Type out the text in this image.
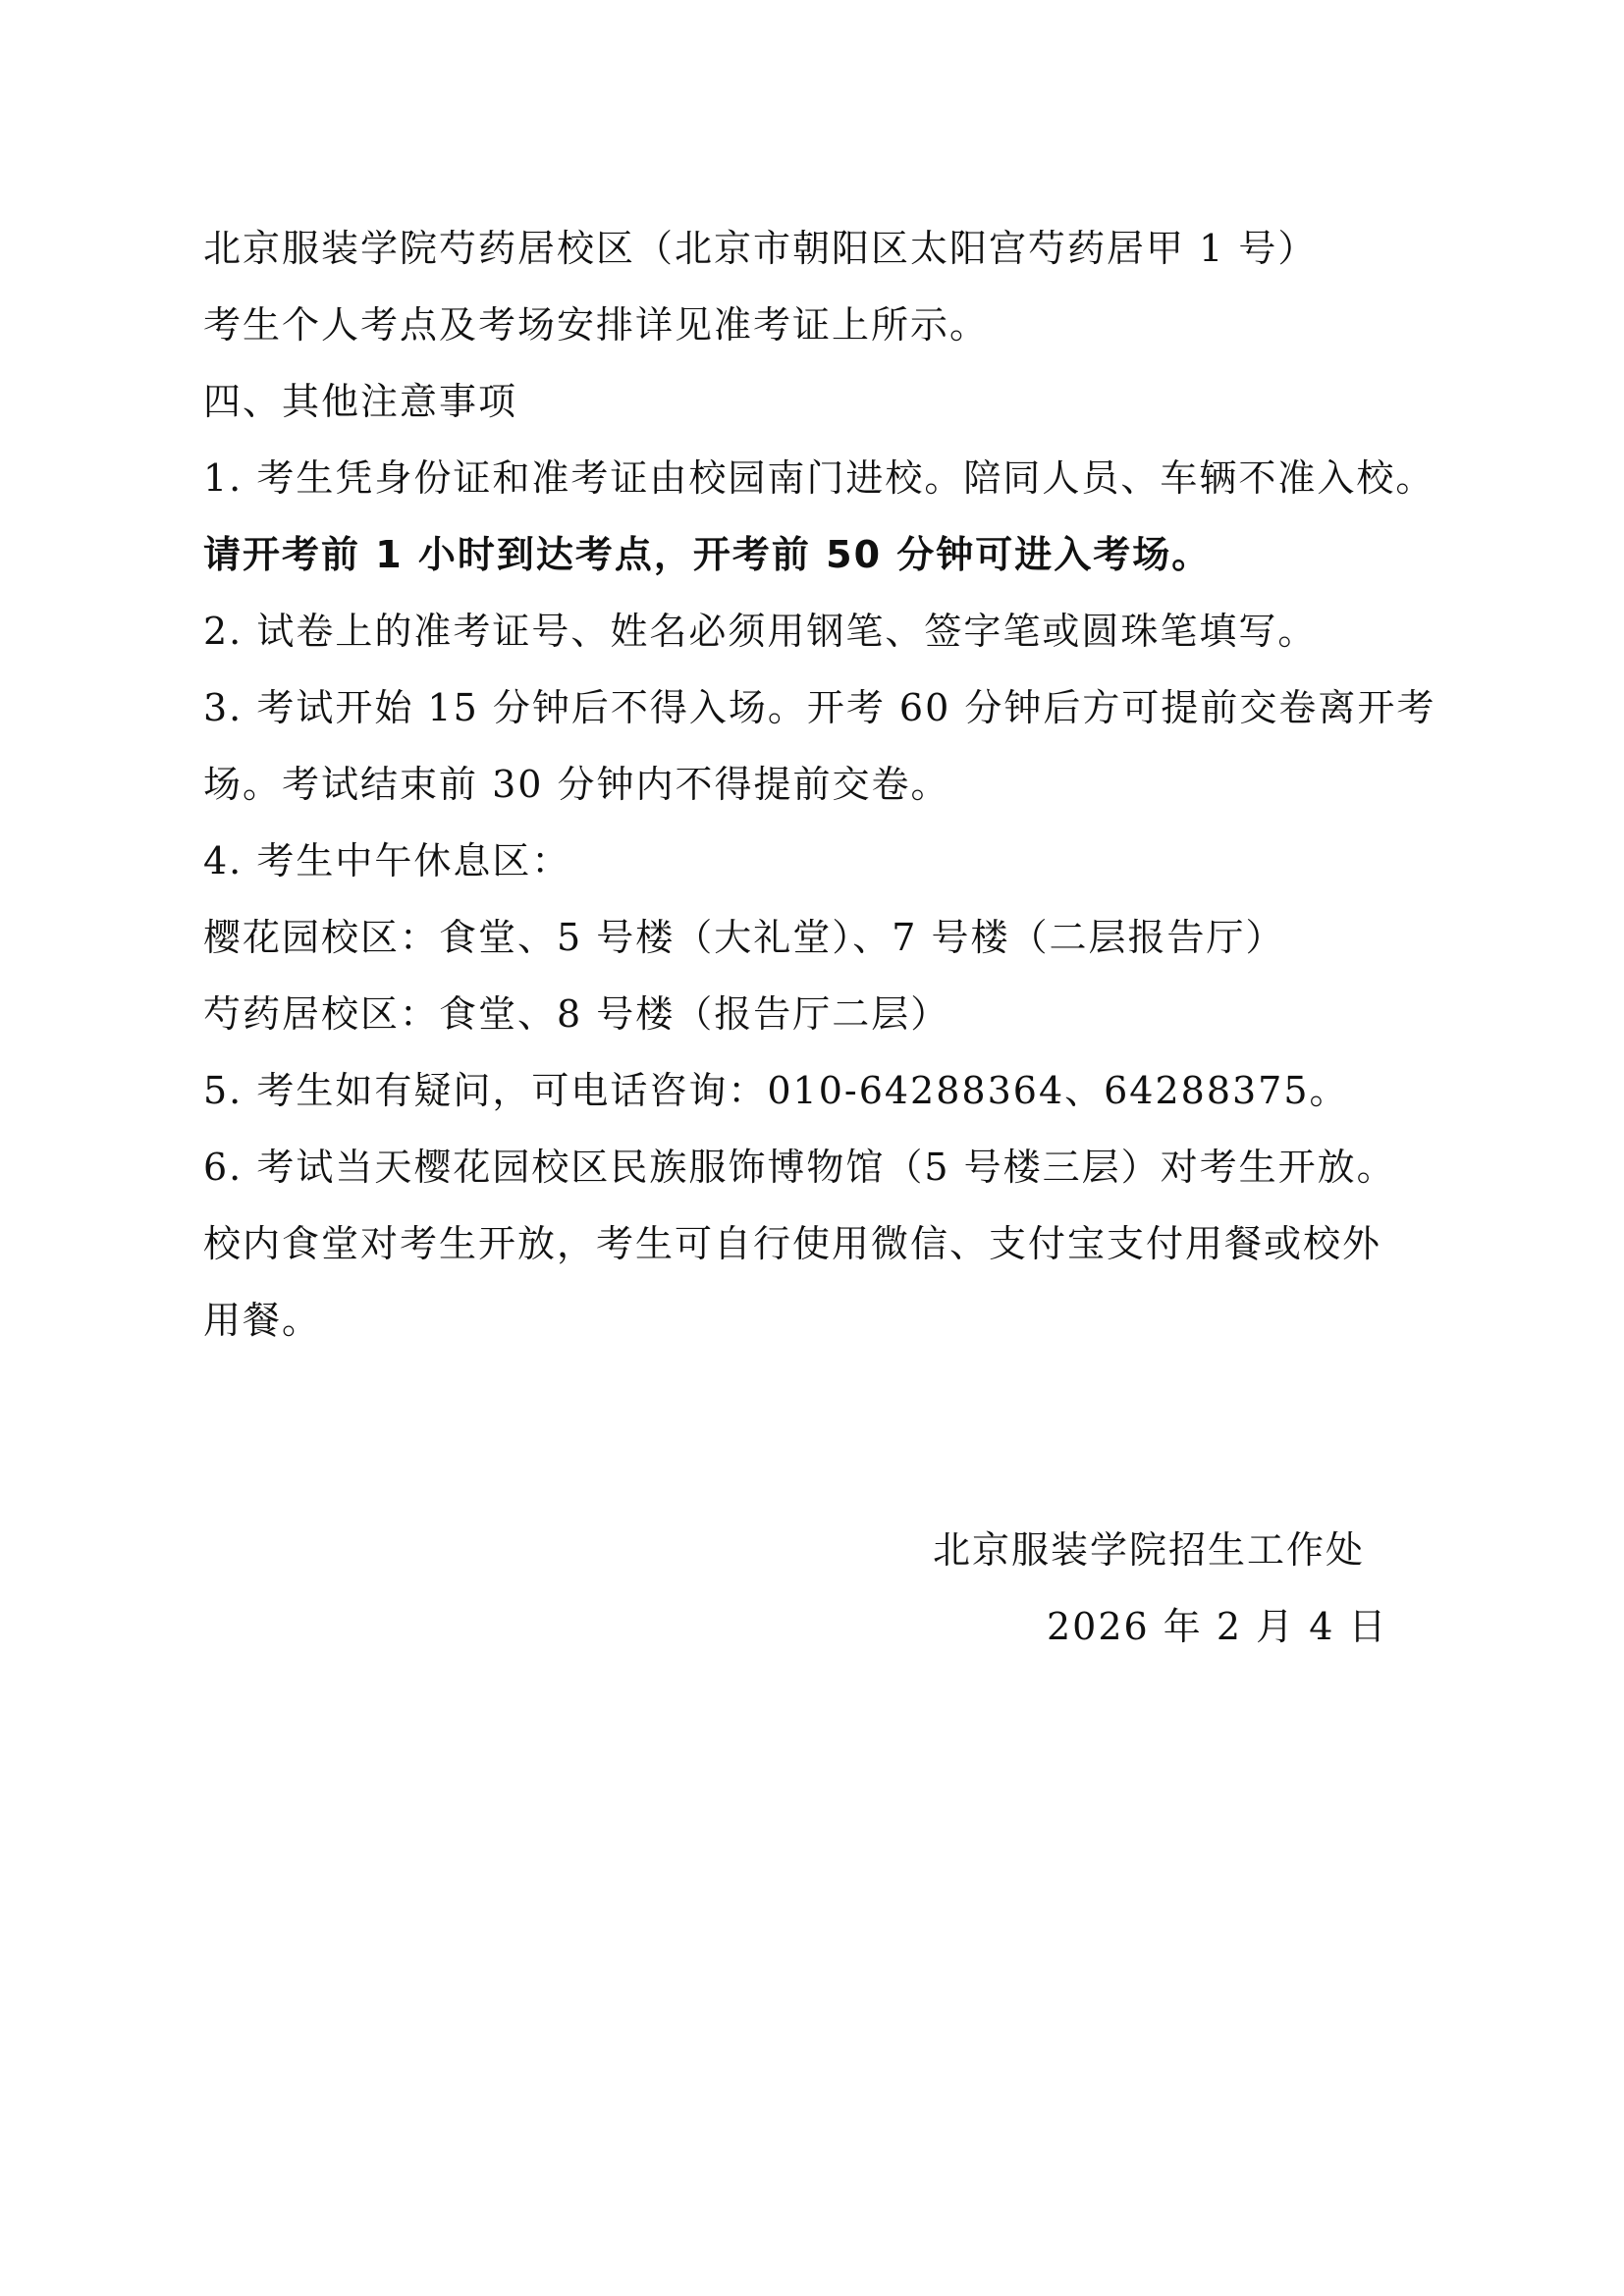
北京服装学院芍药居校区（北京市朝阳区太阳宫芍药居甲 1 号）
考生个人考点及考场安排详见准考证上所示。
四、其他注意事项
1. 考生凭身份证和准考证由校园南门进校。陪同人员、车辆不准入校。
请开考前 1 小时到达考点，开考前 50 分钟可进入考场。
2. 试卷上的准考证号、姓名必须用钢笔、签字笔或圆珠笔填写。
3. 考试开始 15 分钟后不得入场。开考 60 分钟后方可提前交卷离开考
场。考试结束前 30 分钟内不得提前交卷。
4. 考生中午休息区：
樱花园校区：食堂、5 号楼（大礼堂）、7 号楼（二层报告厅）
芍药居校区：食堂、8 号楼（报告厅二层）
5. 考生如有疑问，可电话咨询：010-64288364、64288375。
6. 考试当天樱花园校区民族服饰博物馆（5 号楼三层）对考生开放。
校内食堂对考生开放，考生可自行使用微信、支付宝支付用餐或校外
用餐。
北京服装学院招生工作处
2026 年 2 月 4 日
